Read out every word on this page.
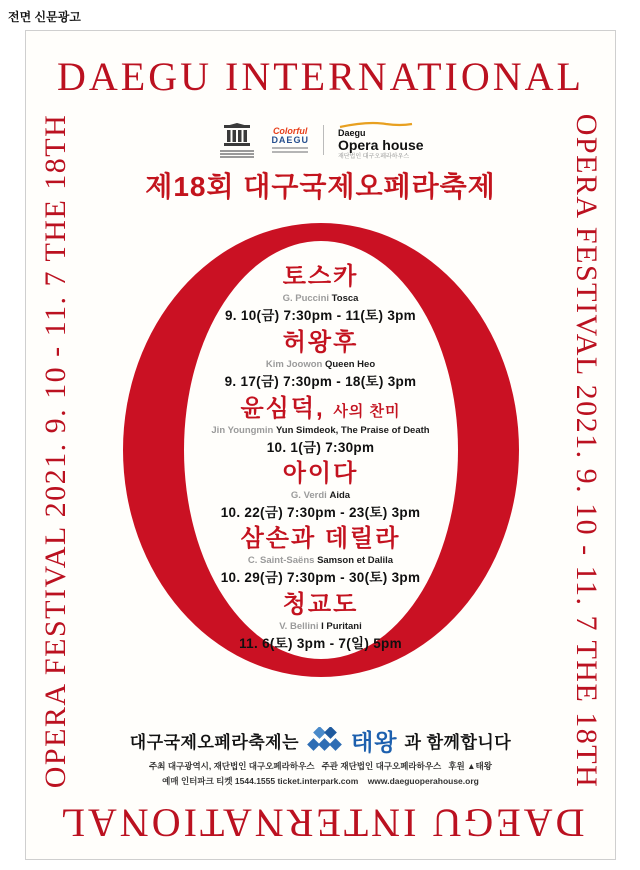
전면 신문광고
DAEGU INTERNATIONAL
OPERA FESTIVAL 2021. 9. 10 - 11. 7 THE 18TH	OPERA FESTIVAL 2021. 9. 10 - 11. 7 THE 18TH
Colorful
DAEGU
Daegu
Opera house
재단법인 대구오페라하우스
제18회 대구국제오페라축제
토스카
G. Puccini Tosca
9. 10(금) 7:30pm - 11(토) 3pm
허왕후
Kim Joowon Queen Heo
9. 17(금) 7:30pm - 18(토) 3pm
윤심덕, 사의 찬미
Jin Youngmin Yun Simdeok, The Praise of Death
10. 1(금) 7:30pm
아이다
G. Verdi Aida
10. 22(금) 7:30pm - 23(토) 3pm
삼손과 데릴라
C. Saint-Saëns Samson et Dalila
10. 29(금) 7:30pm - 30(토) 3pm
청교도
V. Bellini I Puritani
11. 6(토) 3pm - 7(일) 5pm
대구국제오페라축제는 태왕 과 함께합니다
주최 대구광역시, 재단법인 대구오페라하우스   주관 재단법인 대구오페라하우스   후원 ▲태왕
예매 인터파크 티켓 1544.1555 ticket.interpark.com    www.daeguoperahouse.org
DAEGU INTERNATIONAL
